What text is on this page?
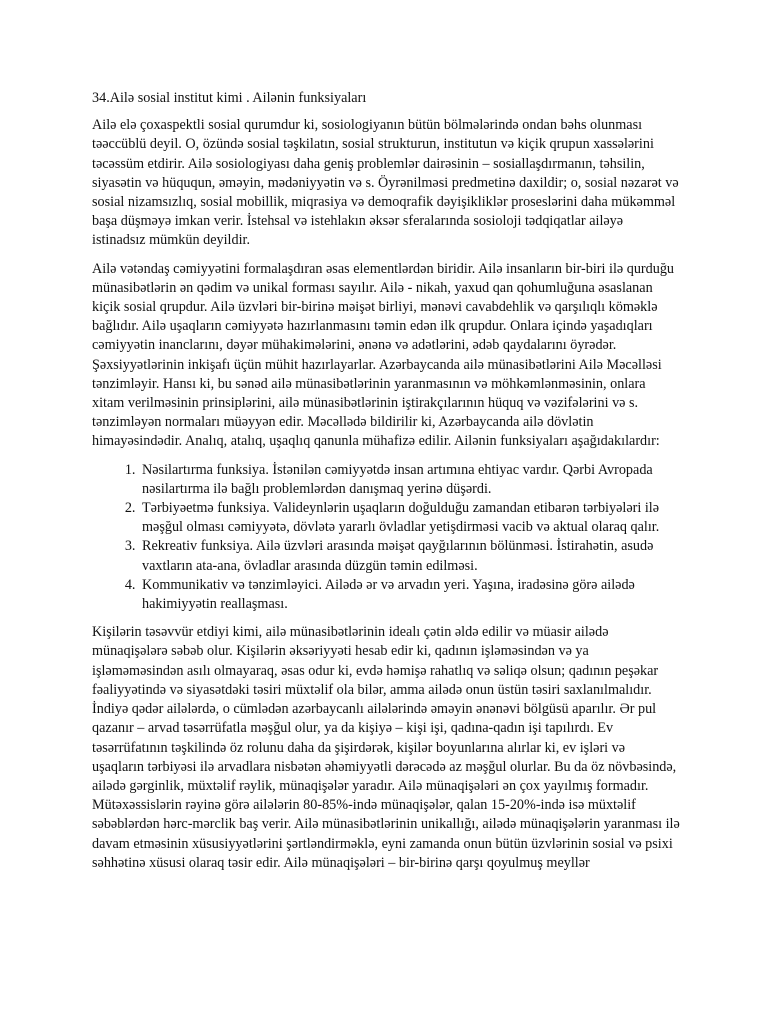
34.Ailə sosial institut kimi . Ailənin funksiyaları

Ailə elə çoxaspektli sosial qurumdur ki, sosiologiyanın bütün bölmələrində ondan bəhs olunması təəccüblü deyil. O, özündə sosial təşkilatın, sosial strukturun, institutun və kiçik qrupun xassələrini təcəssüm etdirir. Ailə sosiologiyası daha geniş problemlər dairəsinin – sosiallaşdırmanın, təhsilin, siyasətin və hüququn, əməyin, mədəniyyətin və s. Öyrənilməsi predmetinə daxildir; o, sosial nəzarət və sosial nizamsızlıq, sosial mobillik, miqrasiya və demoqrafik dəyişikliklər proseslərini daha mükəmməl başa düşməyə imkan verir. İstehsal və istehlakın əksər sferalarında sosioloji tədqiqatlar ailəyə istinadsız mümkün deyildir.

Ailə vətəndaş cəmiyyətini formalaşdıran əsas elementlərdən biridir. Ailə insanların bir-biri ilə qurduğu münasibətlərin ən qədim və unikal forması sayılır. Ailə - nikah, yaxud qan qohumluğuna əsaslanan kiçik sosial qrupdur. Ailə üzvləri bir-birinə məişət birliyi, mənəvi cavabdehlik və qarşılıqlı köməklə bağlıdır. Ailə uşaqların cəmiyyətə hazırlanmasını təmin edən ilk qrupdur. Onlara içində yaşadıqları cəmiyyətin inanclarını, dəyər mühakimələrini, ənənə və adətlərini, ədəb qaydalarını öyrədər. Şəxsiyyətlərinin inkişafı üçün mühit hazırlayarlar. Azərbaycanda ailə münasibətlərini Ailə Məcəlləsi tənzimləyir. Hansı ki, bu sənəd ailə münasibətlərinin yaranmasının və möhkəmlənməsinin, onlara xitam verilməsinin prinsiplərini, ailə münasibətlərinin iştirakçılarının hüquq və vəzifələrini və s. tənzimləyən normaları müəyyən edir. Məcəllədə bildirilir ki, Azərbaycanda ailə dövlətin himayəsindədir. Analıq, atalıq, uşaqlıq qanunla mühafizə edilir. Ailənin funksiyaları aşağıdakılardır:

1. Nəsilartırma funksiya. İstənilən cəmiyyətdə insan artımına ehtiyac vardır. Qərbi Avropada nəsilartırma ilə bağlı problemlərdən danışmaq yerinə düşərdi.
2. Tərbiyəetmə funksiya. Valideynlərin uşaqların doğulduğu zamandan etibarən tərbiyələri ilə məşğul olması cəmiyyətə, dövlətə yararlı övladlar yetişdirməsi vacib və aktual olaraq qalır.
3. Rekreativ funksiya. Ailə üzvləri arasında məişət qayğılarının bölünməsi. İstirahətin, asudə vaxtların ata-ana, övladlar arasında düzgün təmin edilməsi.
4. Kommunikativ və tənzimləyici. Ailədə ər və arvadın yeri. Yaşına, iradəsinə görə ailədə hakimiyyətin reallaşması.

Kişilərin təsəvvür etdiyi kimi, ailə münasibətlərinin idealı çətin əldə edilir və müasir ailədə münaqişələrə səbəb olur. Kişilərin əksəriyyəti hesab edir ki, qadının işləməsindən və ya işləməməsindən asılı olmayaraq, əsas odur ki, evdə həmişə rahatlıq və səliqə olsun; qadının peşəkar fəaliyyətində və siyasətdəki təsiri müxtəlif ola bilər, amma ailədə onun üstün təsiri saxlanılmalıdır. İndiyə qədər ailələrdə, o cümlədən azərbaycanlı ailələrində əməyin ənənəvi bölgüsü aparılır. Ər pul qazanır – arvad təsərrüfatla məşğul olur, ya da kişiyə – kişi işi, qadına-qadın işi tapılırdı. Ev təsərrüfatının təşkilində öz rolunu daha da şişirdərək, kişilər boyunlarına alırlar ki, ev işləri və uşaqların tərbiyəsi ilə arvadlara nisbətən əhəmiyyətli dərəcədə az məşğul olurlar. Bu da öz növbəsində, ailədə gərginlik, müxtəlif rəylik, münaqişələr yaradır. Ailə münaqişələri ən çox yayılmış formadır. Mütəxəssislərin rəyinə görə ailələrin 80-85%-ində münaqişələr, qalan 15-20%-ində isə müxtəlif səbəblərdən hərc-mərclik baş verir. Ailə münasibətlərinin unikallığı, ailədə münaqişələrin yaranması ilə davam etməsinin xüsusiyyətlərini şərtləndirməklə, eyni zamanda onun bütün üzvlərinin sosial və psixi səhhətinə xüsusi olaraq təsir edir. Ailə münaqişələri – bir-birinə qarşı qoyulmuş meyllər
